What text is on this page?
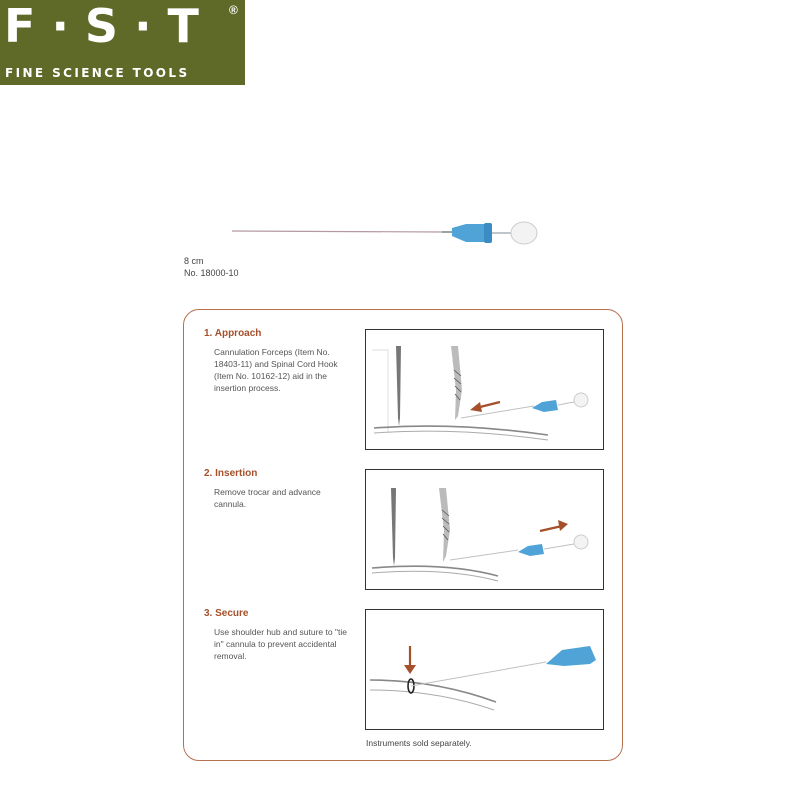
F · S · T	®
FINE SCIENCE TOOLS
8 cm
No. 18000-10
1. Approach
Cannulation Forceps (Item No. 18403-11) and Spinal Cord Hook (Item No. 10162-12) aid in the insertion process.
2. Insertion
Remove trocar and advance cannula.
3. Secure
Use shoulder hub and suture to "tie in" cannula to prevent accidental removal.
Instruments sold separately.
